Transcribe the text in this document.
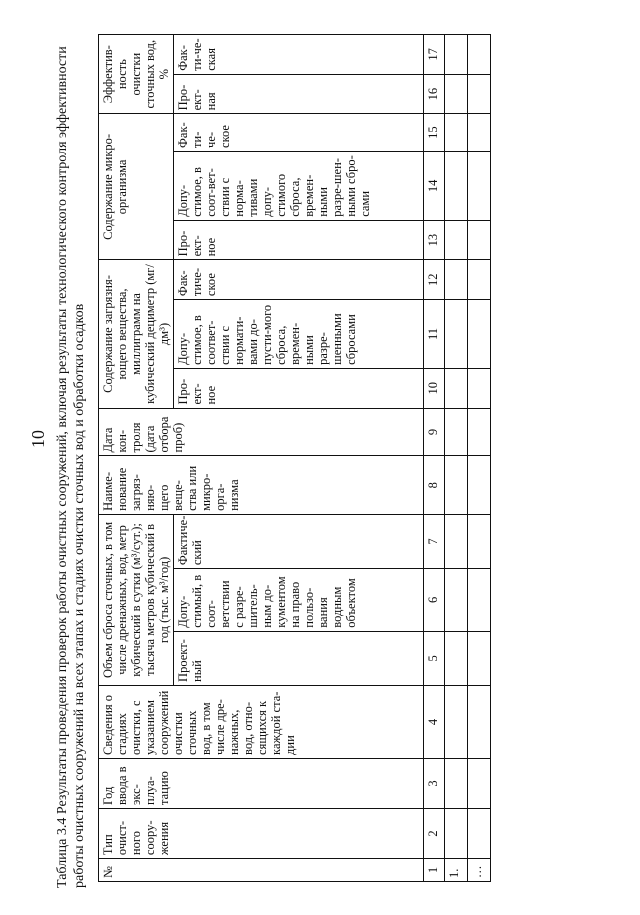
10 Таблица 3.4 Результаты проведения проверок работы очистных сооружений, включая результаты технологического контроля эффективности работы очистных сооружений на всех этапах и стадиях очистки сточных вод и обработки осадков №	Тип очист-ного соору-жения	Год ввода в экс-плуа-тацию	Сведения о стадиях очистки, с указанием сооружений очистки сточных вод, в том числе дре-нажных, вод, отно-сящихся к каждой ста-дии	Объем сброса сточных, в том числе дренажных, вод, метр кубический в сутки (м³/сут.); тысяча метров кубический в год (тыс. м³/год)			Наиме-нование загряз-няю-щего веще-ства или микро-орга-низма	Дата кон-троля (дата отбора проб)	Содержание загрязня-ющего вещества, миллиграмм на кубический дециметр (мг/дм³)			Содержание микро-организма			Эффектив-ность очистки сточных вод, %	
				Проект-ный	Допу-стимый, в соот-ветствии с разре-шитель-ным до-кументом на право пользо-вания водным объектом	Фактиче-ский			Про-ект-ное	Допу-стимое, в соответ-ствии с нормати-вами до-пусти-мого сброса, времен-ными разре-шенными сбросами	Фак-тиче-ское	Про-ект-ное	Допу-стимое, в соот-вет-ствии с норма-тивами допу-стимого сброса, времен-ными разре-шен-ными сбро-сами	Фак-ти-че-ское	Про-ект-ная	Фак-ти-че-ская
1	2	3	4	5	6	7	8	9	10	11	12	13	14	15	16	17
1.																
…																
